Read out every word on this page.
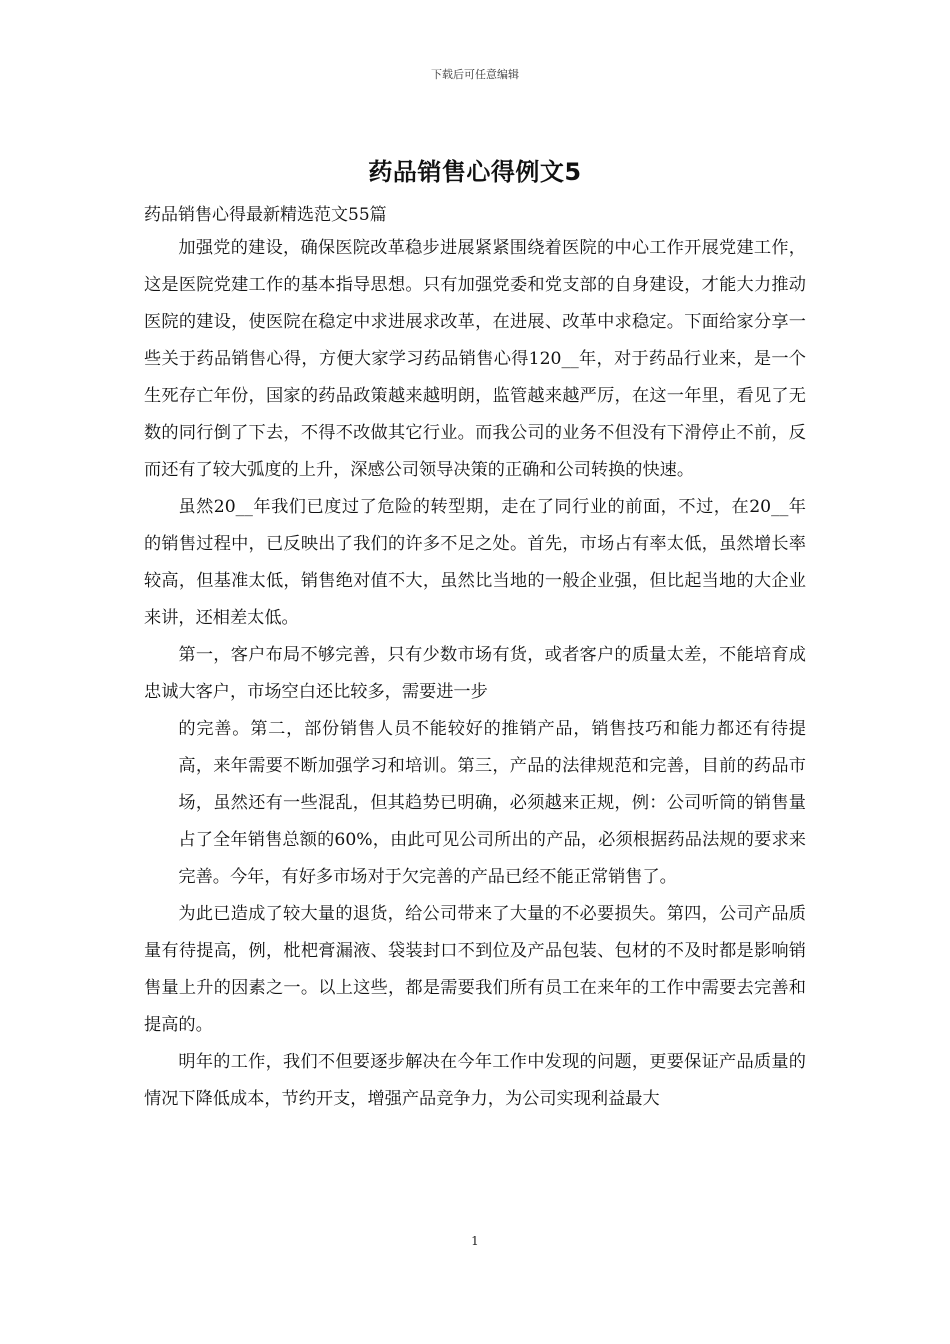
下载后可任意编辑
药品销售心得例文5

药品销售心得最新精选范文55篇

加强党的建设，确保医院改革稳步进展紧紧围绕着医院的中心工作开展党建工作，这是医院党建工作的基本指导思想。只有加强党委和党支部的自身建设，才能大力推动医院的建设，使医院在稳定中求进展求改革，在进展、改革中求稳定。下面给家分享一些关于药品销售心得，方便大家学习药品销售心得120__年，对于药品行业来，是一个生死存亡年份，国家的药品政策越来越明朗，监管越来越严厉，在这一年里，看见了无数的同行倒了下去，不得不改做其它行业。而我公司的业务不但没有下滑停止不前，反而还有了较大弧度的上升，深感公司领导决策的正确和公司转换的快速。

虽然20__年我们已度过了危险的转型期，走在了同行业的前面，不过，在20__年的销售过程中，已反映出了我们的许多不足之处。首先，市场占有率太低，虽然增长率较高，但基准太低，销售绝对值不大，虽然比当地的一般企业强，但比起当地的大企业来讲，还相差太低。

第一，客户布局不够完善，只有少数市场有货，或者客户的质量太差，不能培育成忠诚大客户，市场空白还比较多，需要进一步

的完善。第二，部份销售人员不能较好的推销产品，销售技巧和能力都还有待提高，来年需要不断加强学习和培训。第三，产品的法律规范和完善，目前的药品市场，虽然还有一些混乱，但其趋势已明确，必须越来正规，例：公司听筒的销售量占了全年销售总额的60%，由此可见公司所出的产品，必须根据药品法规的要求来完善。今年，有好多市场对于欠完善的产品已经不能正常销售了。

为此已造成了较大量的退货，给公司带来了大量的不必要损失。第四，公司产品质量有待提高，例，枇杷膏漏液、袋装封口不到位及产品包装、包材的不及时都是影响销售量上升的因素之一。以上这些，都是需要我们所有员工在来年的工作中需要去完善和提高的。

明年的工作，我们不但要逐步解决在今年工作中发现的问题，更要保证产品质量的情况下降低成本，节约开支，增强产品竞争力，为公司实现利益最大

1
